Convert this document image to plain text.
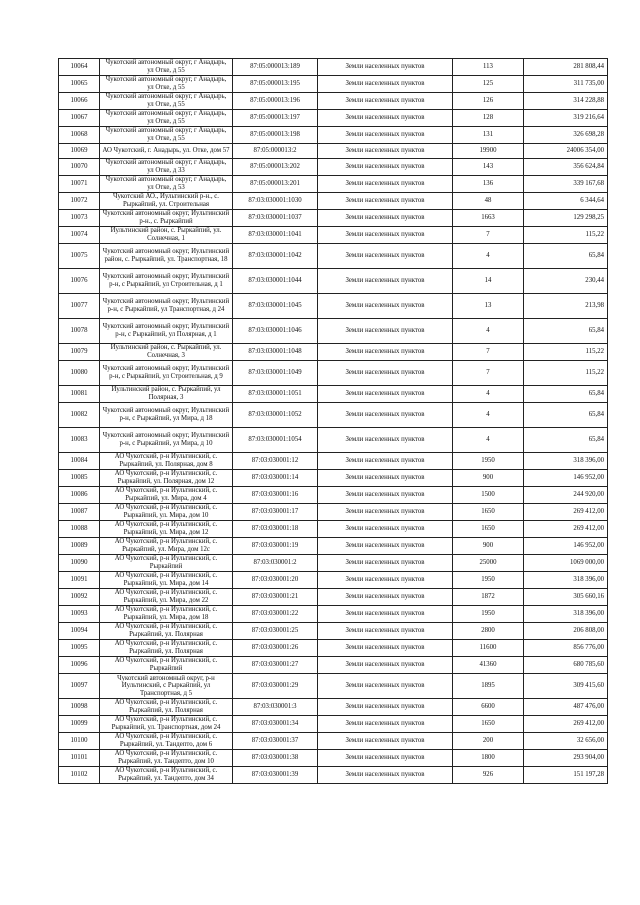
10064	Чукотский автономный округ, г Анадырь, ул Отке, д 55	87:05:000013:189	Земли населенных пунктов	113	281 808,44
10065	Чукотский автономный округ, г Анадырь, ул Отке, д 55	87:05:000013:195	Земли населенных пунктов	125	311 735,00
10066	Чукотский автономный округ, г Анадырь, ул Отке, д 55	87:05:000013:196	Земли населенных пунктов	126	314 228,88
10067	Чукотский автономный округ, г Анадырь, ул Отке, д 55	87:05:000013:197	Земли населенных пунктов	128	319 216,64
10068	Чукотский автономный округ, г Анадырь, ул Отке, д 55	87:05:000013:198	Земли населенных пунктов	131	326 698,28
10069	АО Чукотский, г. Анадырь, ул. Отке, дом 57	87:05:000013:2	Земли населенных пунктов	19900	24006 354,00
10070	Чукотский автономный округ, г Анадырь, ул Отке, д 33	87:05:000013:202	Земли населенных пунктов	143	356 624,84
10071	Чукотский автономный округ, г Анадырь, ул Отке, д 53	87:05:000013:201	Земли населенных пунктов	136	339 167,68
10072	Чукотский АО., Иультинский р-н., с. Рыркайпий, ул. Строительная	87:03:030001:1030	Земли населенных пунктов	48	6 344,64
10073	Чукотский автономный округ, Иультинский р-н., с. Рыркайпий	87:03:030001:1037	Земли населенных пунктов	1663	129 298,25
10074	Иультинский район, с. Рыркайпий, ул. Солнечная, 1	87:03:030001:1041	Земли населенных пунктов	7	115,22
10075	Чукотский автономный округ, Иультинский район, с. Рыркайпий, ул. Транспортная, 18	87:03:030001:1042	Земли населенных пунктов	4	65,84
10076	Чукотский автономный округ, Иультинский р-н, с Рыркайпий, ул Строительная, д 1	87:03:030001:1044	Земли населенных пунктов	14	230,44
10077	Чукотский автономный округ, Иультинский р-н, с Рыркайпий, ул Транспортная, д 24	87:03:030001:1045	Земли населенных пунктов	13	213,98
10078	Чукотский автономный округ, Иультинский р-н, с Рыркайпий, ул Полярная, д 1	87:03:030001:1046	Земли населенных пунктов	4	65,84
10079	Иультинский район, с. Рыркайпий, ул. Солнечная, 3	87:03:030001:1048	Земли населенных пунктов	7	115,22
10080	Чукотский автономный округ, Иультинский р-н, с Рыркайпий, ул Строительная, д 9	87:03:030001:1049	Земли населенных пунктов	7	115,22
10081	Иультинский район, с. Рыркайпий, ул Полярная, 3	87:03:030001:1051	Земли населенных пунктов	4	65,84
10082	Чукотский автономный округ, Иультинский р-н, с Рыркайпий, ул Мира, д 18	87:03:030001:1052	Земли населенных пунктов	4	65,84
10083	Чукотский автономный округ, Иультинский р-н, с Рыркайпий, ул Мира, д 10	87:03:030001:1054	Земли населенных пунктов	4	65,84
10084	АО Чукотский, р-н Иультинский, с. Рыркайпий, ул. Полярная, дом 8	87:03:030001:12	Земли населенных пунктов	1950	318 396,00
10085	АО Чукотский, р-н Иультинский, с. Рыркайпий, ул. Полярная, дом 12	87:03:030001:14	Земли населенных пунктов	900	146 952,00
10086	АО Чукотский, р-н Иультинский, с. Рыркайпий, ул. Мира, дом 4	87:03:030001:16	Земли населенных пунктов	1500	244 920,00
10087	АО Чукотский, р-н Иультинский, с. Рыркайпий, ул. Мира, дом 10	87:03:030001:17	Земли населенных пунктов	1650	269 412,00
10088	АО Чукотский, р-н Иультинский, с. Рыркайпий, ул. Мира, дом 12	87:03:030001:18	Земли населенных пунктов	1650	269 412,00
10089	АО Чукотский, р-н Иультинский, с. Рыркайпий, ул. Мира, дом 12с	87:03:030001:19	Земли населенных пунктов	900	146 952,00
10090	АО Чукотский, р-н Иультинский, с. Рыркайпий	87:03:030001:2	Земли населенных пунктов	25000	1069 000,00
10091	АО Чукотский, р-н Иультинский, с. Рыркайпий, ул. Мира, дом 14	87:03:030001:20	Земли населенных пунктов	1950	318 396,00
10092	АО Чукотский, р-н Иультинский, с. Рыркайпий, ул. Мира, дом 22	87:03:030001:21	Земли населенных пунктов	1872	305 660,16
10093	АО Чукотский, р-н Иультинский, с. Рыркайпий, ул. Мира, дом 18	87:03:030001:22	Земли населенных пунктов	1950	318 396,00
10094	АО Чукотский, р-н Иультинский, с. Рыркайпий, ул. Полярная	87:03:030001:25	Земли населенных пунктов	2800	206 808,00
10095	АО Чукотский, р-н Иультинский, с. Рыркайпий, ул. Полярная	87:03:030001:26	Земли населенных пунктов	11600	856 776,00
10096	АО Чукотский, р-н Иультинский, с. Рыркайпий	87:03:030001:27	Земли населенных пунктов	41360	680 785,60
10097	Чукотский автономный округ, р-н Иультинский, с Рыркайпий, ул Транспортная, д 5	87:03:030001:29	Земли населенных пунктов	1895	309 415,60
10098	АО Чукотский, р-н Иультинский, с. Рыркайпий, ул. Полярная	87:03:030001:3	Земли населенных пунктов	6600	487 476,00
10099	АО Чукотский, р-н Иультинский, с. Рыркайпий, ул. Транспортная, дом 24	87:03:030001:34	Земли населенных пунктов	1650	269 412,00
10100	АО Чукотский, р-н Иультинский, с. Рыркайпий, ул. Тандепто, дом 6	87:03:030001:37	Земли населенных пунктов	200	32 656,00
10101	АО Чукотский, р-н Иультинский, с. Рыркайпий, ул. Тандепто, дом 10	87:03:030001:38	Земли населенных пунктов	1800	293 904,00
10102	АО Чукотский, р-н Иультинский, с. Рыркайпий, ул. Тандепто, дом 34	87:03:030001:39	Земли населенных пунктов	926	151 197,28
